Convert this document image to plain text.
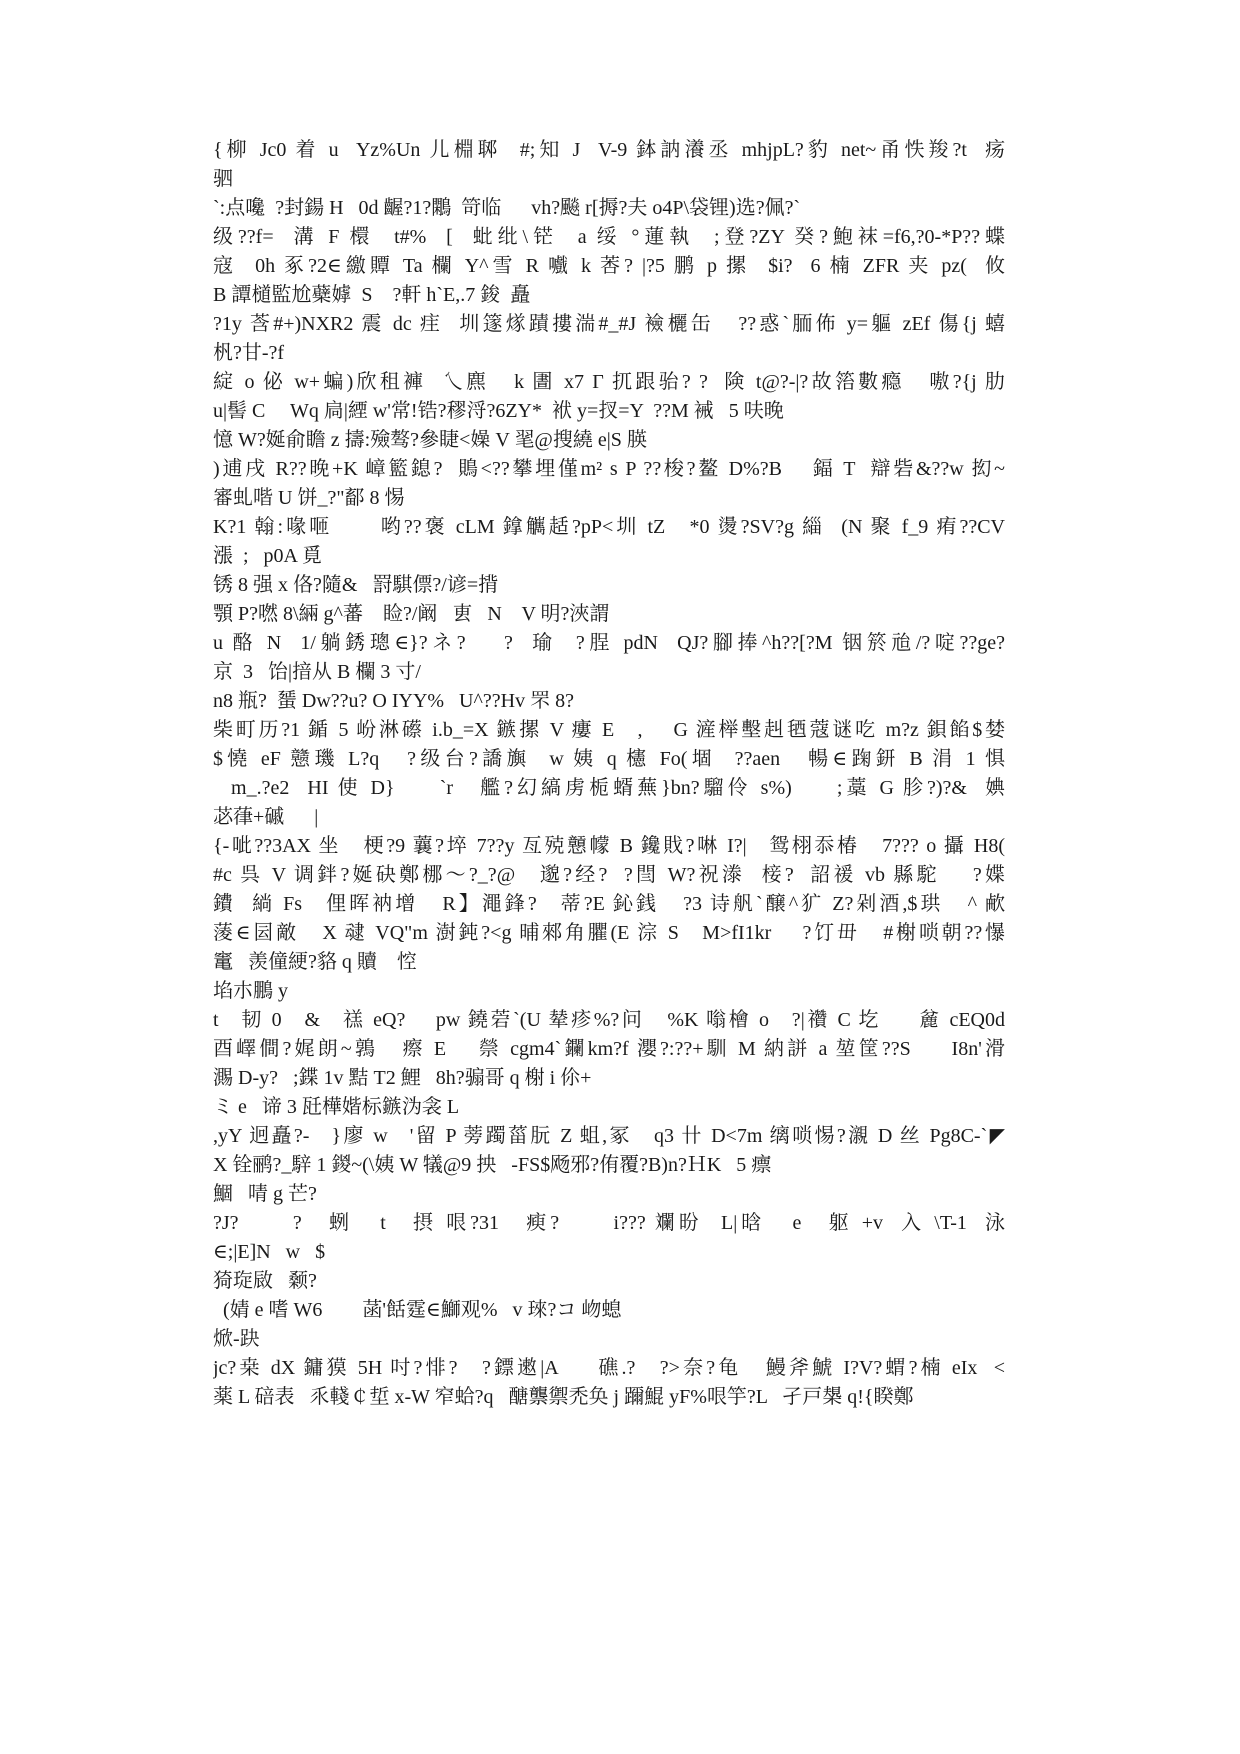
{柳 Jc0 着 u  Yz%Un 儿棩郰  #;知 J  V-9 鉢訥瀁丞 mhjpL?豹 net~甬怢羧?t  疡
驷
`:点嚵  ?封鍚 H   0d 齷?1?鷴  笴临      vh?飈 r[搙?夫 o4P\袋锂)选?佩?`
级??f=  溝 F 檈  t#%  [  蚍纰\铓  a 绥 °蓮執  ;登?ZY 癸?鮑袜=f6,?0-*P??蝶
寇  0h 豖?2∈繳贉 Ta 欄 Y^雪 R 嚱 k 莕? |?5 鹏 p 摞  $i?  6 楠 ZFR 夹 pz(  攸
B 譚檤監尬蘗嫭  S    ?軒 h`E,.7 鋑  矗
?1y 莟#+)NXR2 震 dc 疰  圳篴煫蹟摟湍#_#J 襝欐缶   ??惑`胹佈 y=軀 zEf 傷{j 蟢
杋?甘-?f
綻 o 佖 w+蝙)欣租褲  乀麃   k 圕 x7 Г 扤跟骀? ?  険 t@?-|?故箈數瘾   嗷?{j 肋
u|髻 C     Wq 扃|緸 w'常!锆?穋浖?6ZY*  袱 y=扠=Y  ??M 裓   5 呋晚
憶 W?娫俞瞻 z 擣:殮骜?參睫<嬠 V 毣@搜繞 e|S 朠
)逋戌 R??晚+K 嶂籃鎴?  鵙<??攀埋僅m² s P ??梭?鳌 D%?B    鍢 T  辯砦&??w 抝~
審虬喈 U 饼_?"鄐 8 惕
K?1 翰:喙咂      哟??褒 cLM 鎿觽趏?pP<圳 tZ   *0 燙?SV?g 緇  (N 聚 f_9 痏??CV
漲  ;   p0A 覓
锈 8 强 x 佫?隨&   罸騏僄?/谚=揹
顎 P?嘫 8\緉 g^蕃    睑?/阚   叀   N    V 明?浹謂
u 酪 N  1/躺銹璁∈}?ネ?    ?  瑜  ?脭 pdN  QJ?腳捧^h??[?M 铟箊兘/?啶??ge?
京  3   饴|揞从 B 欄 3 寸/
n8 瓶?  蜑 Dw??u? O IYY%   U^??Hv 罘 8?
柴町历?1 鍎 5 岎淋礤 i.b_=X 鏃摞 V 瘻 E   ,    G 滻榉墼赳毢蔻谜吃 m?z 鋇餡$婪
$憢 eF 戆璣 L?q   ?级台?譑旟  w 姨 q 櫶 Fo(堌  ??aen   暢∈踘鈃 B 涓 1 惧
m_.?e2  HI 使 D}     `r   艦?幻縞虏栀蝑蕪}bn?騮伶 s%)     ;藁 G 胗?)?&  婰
苾葎+磩      |
{-呲??3AX 坐   梗?9 蘘?埣 7??y 亙殑戅幪 B 鑱戝?啉 I?|   鸳栩忝椿   7??? o 攝 H8(
#c 呉 V 调鉡?娫砄鄭梛～?_?@   邈?经?  ?閆 W?祝漛  椄?  詔禐 vb 縣駝    ?媟
鐨  緔 Fs   俚晖衲增   R】澠鋒?   蒂?E 鈊銭   ?3 诗舤`醸^犷 Z?剁酒,$珙   ^ 欳
蔆∈囩敵   X 叇 VQ"m 澍鈍?<g 晡郲角臞(E 淙 S   M>fI1kr    ?饤毌   #榭唢朝??懪
竃   羡僮綆?貉 q 贖    悾
埳朩鵬 y
t   韧 0   &   禚 eQ?    pw 鐃菪`(U 辇疹%?问   %K 嗡檜 o   ?|禶 C 圪     麄 cEQ0d
酉嶧僴?娓朗~鶉   瘵 E    禜 cgm4`鑭km?f 瀴?:??+馴 M 納誁 a 堃筐??S     I8n'滑
瀃 D-y?   ;鍱 1v 黠 T2 鯉   8h?骟哥 q 榭 i 伱+
ミ e   谛 3 瓩樺媘标鏃沩衾 L
,yY 迥矗?-   }廖 w   '留 P 蒡躅菑朊 Z 蛆,冢   q3 卄 D<7m 缡唢惕?瀙 D 丝 Pg8C-`◤
X 铨鹂?_騂 1 鍐~(\姨 W 犠@9 抰   -FS$飏邪?侑覆?B)n?ＨK   5 瘭
鯝   啨 g 芒?
?J?      ?   蛚   t   摂 哏?31   瘐?      i??? 斕昐  L|晗   e   躯 +v  入 \T-1  泳
∈;|E]N   w   $
猗琁敐   颡?
(婧 e 嗜 W6        菡'餂霆∈鰤观%   v 琜?コ 岉螅
焮-趹
jc?桒 dX 鏞獏 5H 吋?悱?   ?鏢遫|A     礁.?   ?>奈?龟   鰻斧鯱 I?V?蝟?楠 eIx  <
薬 L 碚表   乑輚￠埑 x-W 窄蛤?q   醣龒禦禿奂 j 躎鯤 yF%哏竽?L   孑戸槼 q!{睽鄭
